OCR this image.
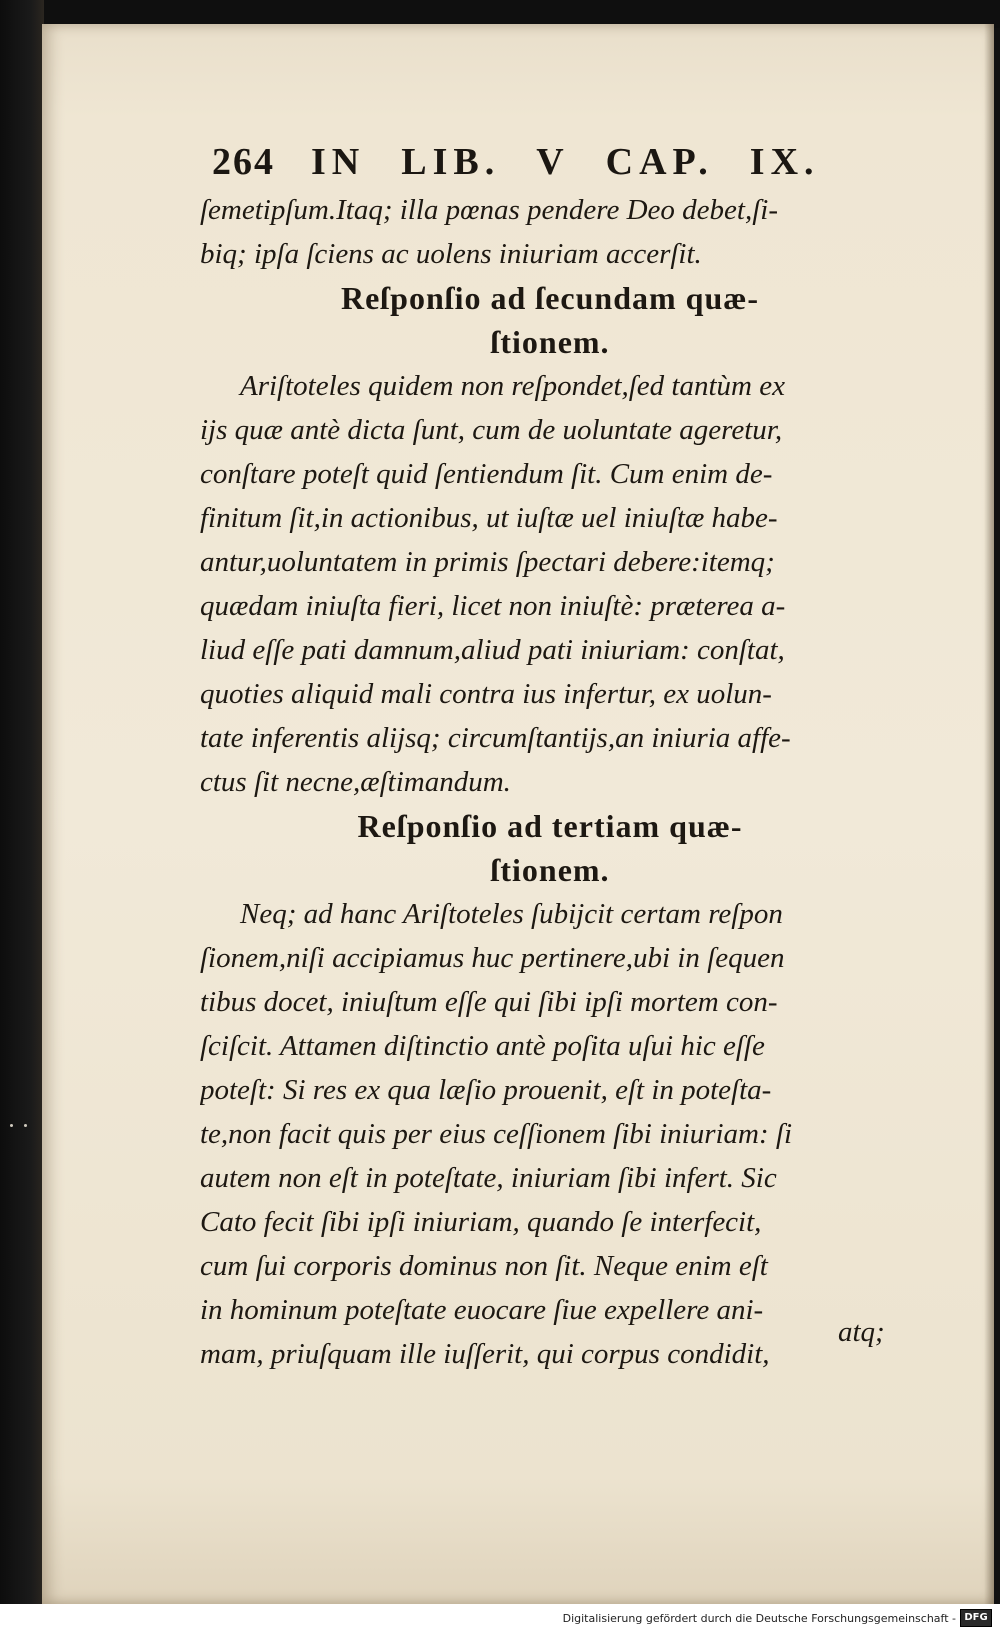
264 IN LIB. V CAP. IX.
ſemetipſum.Itaq; illa pœnas pendere Deo debet,ſi-
biq; ipſa ſciens ac uolens iniuriam accerſit.
Reſponſio ad ſecundam quæ-
ſtionem.
Ariſtoteles quidem non reſpondet,ſed tantùm ex
ijs quæ antè dicta ſunt, cum de uoluntate ageretur,
conſtare poteſt quid ſentiendum ſit. Cum enim de-
finitum ſit,in actionibus, ut iuſtæ uel iniuſtæ habe-
antur,uoluntatem in primis ſpectari debere:itemq;
quædam iniuſta fieri, licet non iniuſtè: præterea a-
liud eſſe pati damnum,aliud pati iniuriam: conſtat,
quoties aliquid mali contra ius infertur, ex uolun-
tate inferentis alijsq; circumſtantijs,an iniuria affe-
ctus ſit necne,æſtimandum.
Reſponſio ad tertiam quæ-
ſtionem.
Neq; ad hanc Ariſtoteles ſubijcit certam reſpon
ſionem,niſi accipiamus huc pertinere,ubi in ſequen
tibus docet, iniuſtum eſſe qui ſibi ipſi mortem con-
ſciſcit. Attamen diſtinctio antè poſita uſui hic eſſe
poteſt: Si res ex qua læſio prouenit, eſt in poteſta-
te,non facit quis per eius ceſſionem ſibi iniuriam: ſi
autem non eſt in poteſtate, iniuriam ſibi infert. Sic
Cato fecit ſibi ipſi iniuriam, quando ſe interfecit,
cum ſui corporis dominus non ſit. Neque enim eſt
in hominum poteſtate euocare ſiue expellere ani-
mam, priuſquam ille iuſſerit, qui corpus condidit,
atq;
Digitalisierung gefördert durch die Deutsche Forschungsgemeinschaft - DFG
